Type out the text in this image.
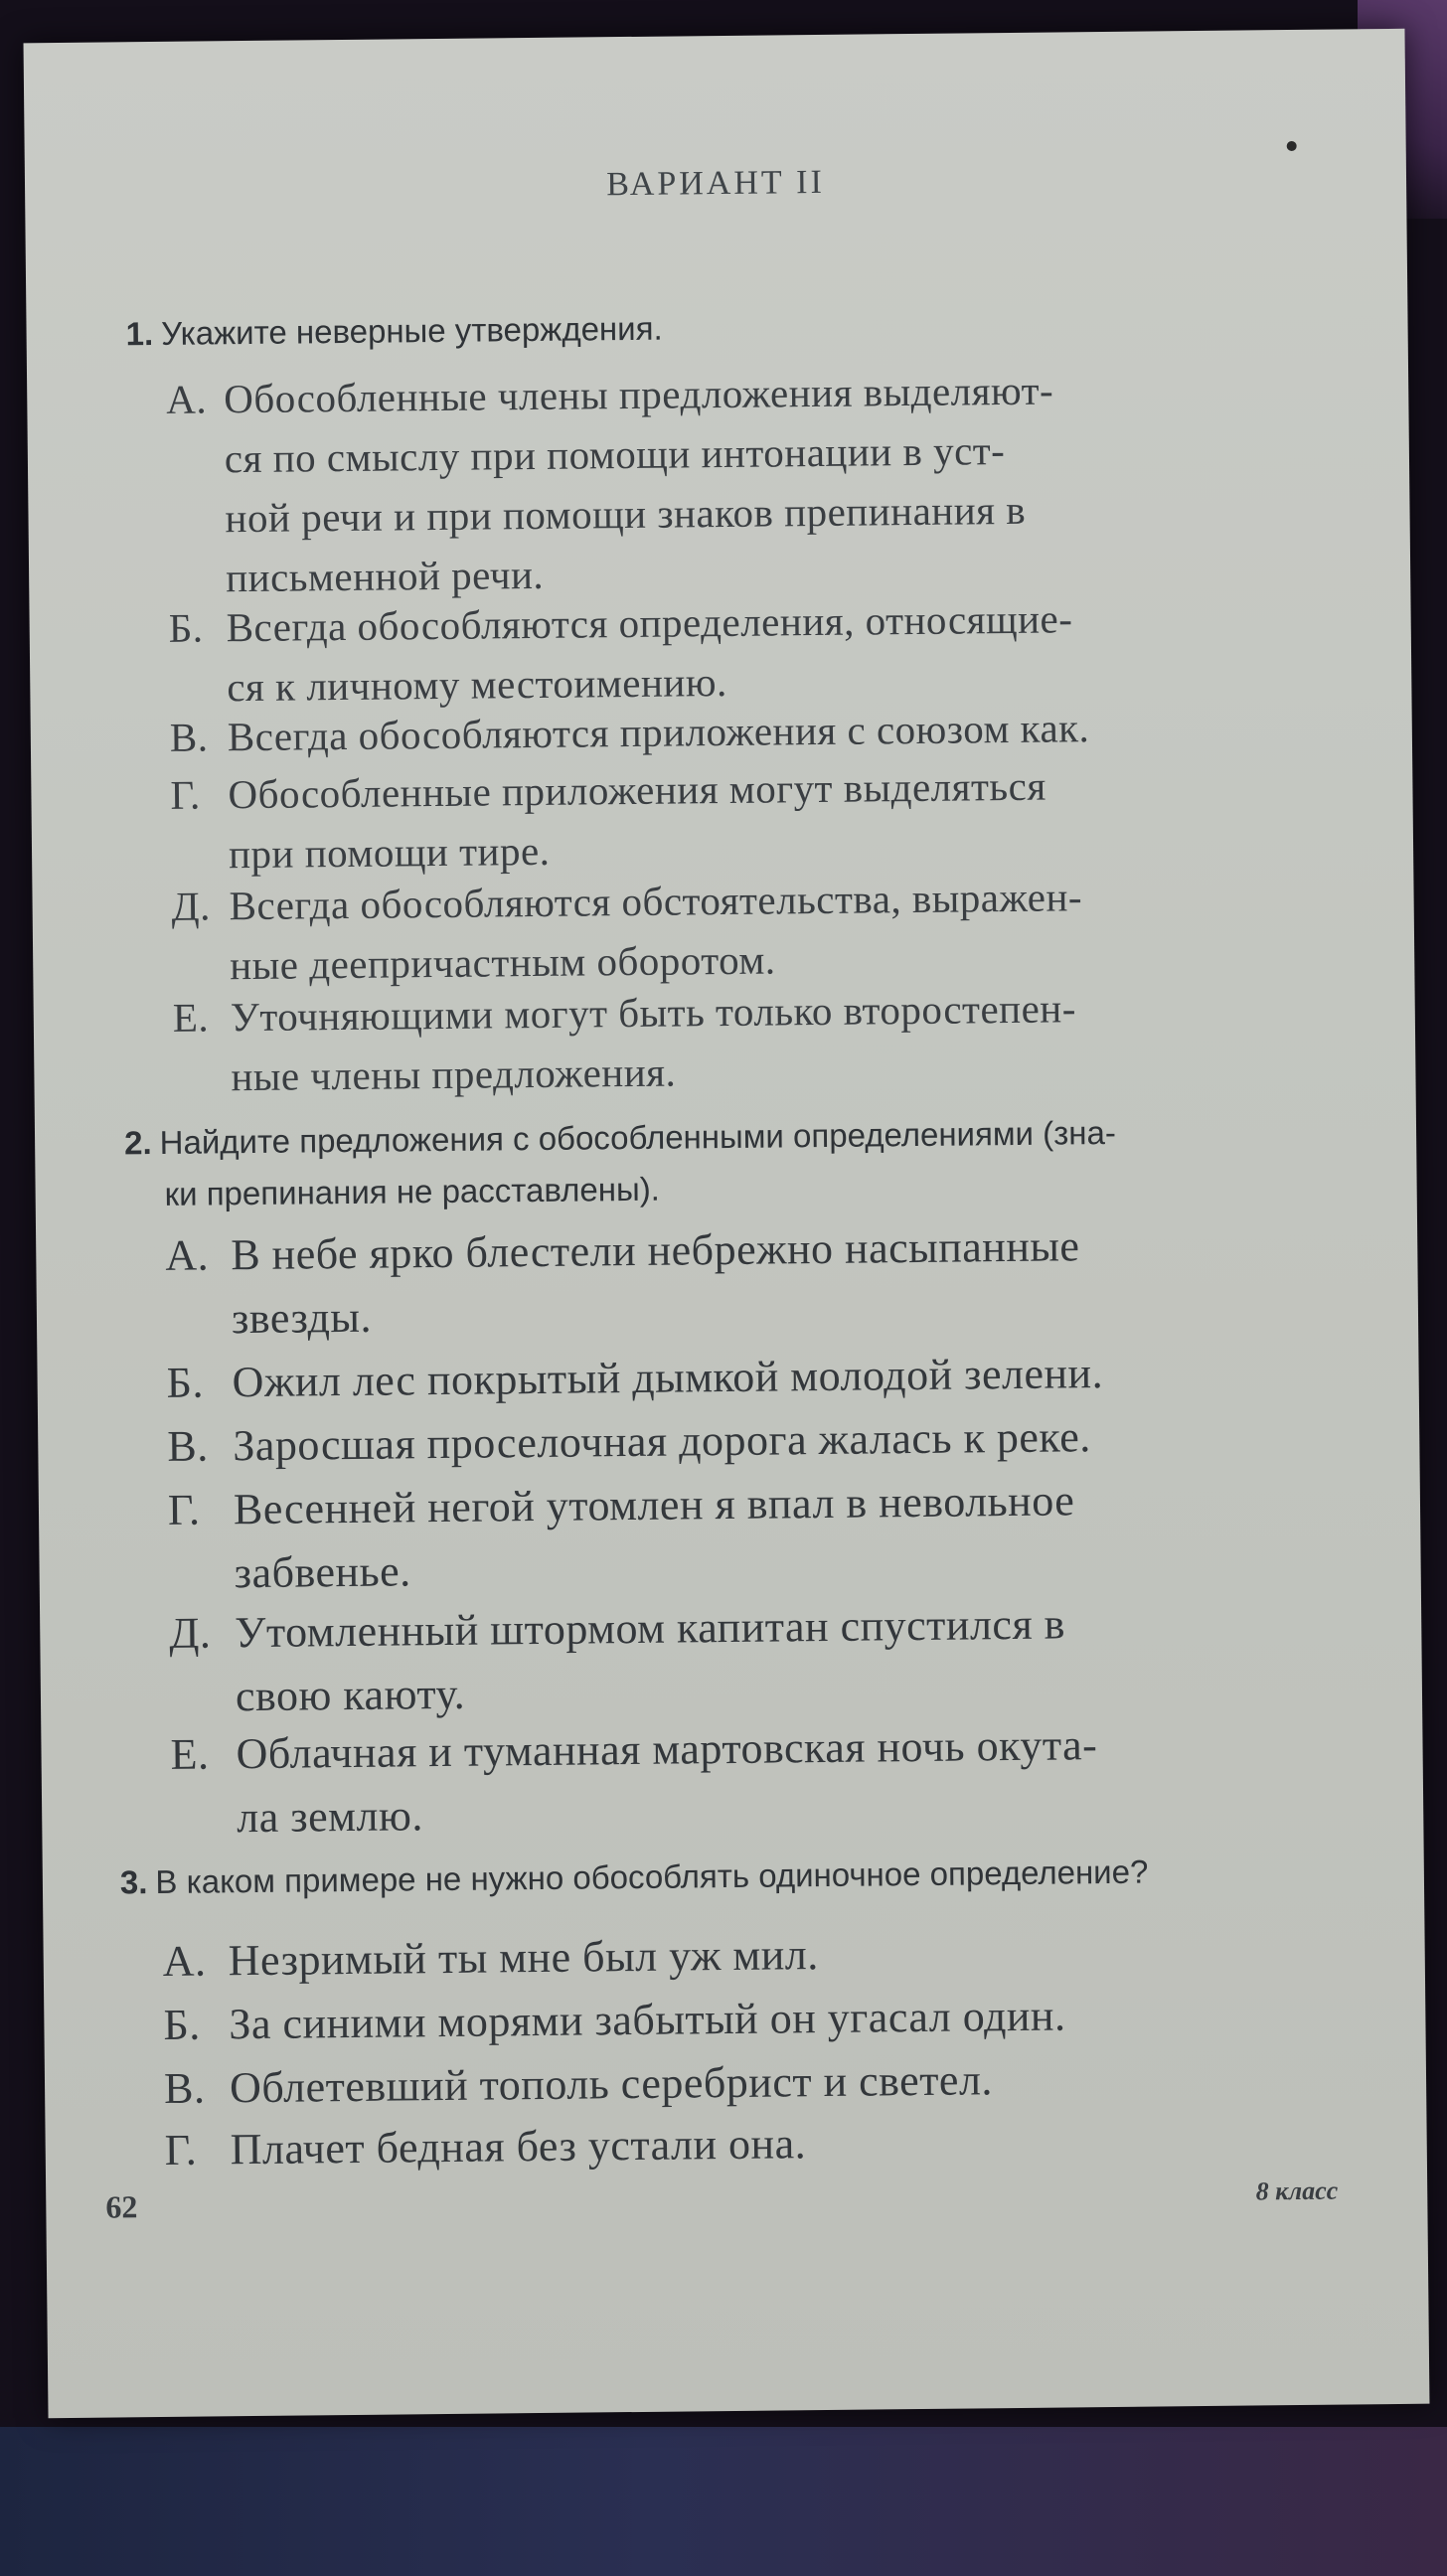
ВАРИАНТ II
1. Укажите неверные утверждения.
А. Обособленные члены предложения выделяют-
ся по смыслу при помощи интонации в уст-
ной речи и при помощи знаков препинания в
письменной речи.
Б. Всегда обособляются определения, относящие-
ся к личному местоимению.
В. Всегда обособляются приложения с союзом как.
Г. Обособленные приложения могут выделяться
при помощи тире.
Д. Всегда обособляются обстоятельства, выражен-
ные деепричастным оборотом.
Е. Уточняющими могут быть только второстепен-
ные члены предложения.
2. Найдите предложения с обособленными определениями (зна-
ки препинания не расставлены).
А. В небе ярко блестели небрежно насыпанные
звезды.
Б. Ожил лес покрытый дымкой молодой зелени.
В. Заросшая проселочная дорога жалась к реке.
Г. Весенней негой утомлен я впал в невольное
забвенье.
Д. Утомленный штормом капитан спустился в
свою каюту.
Е. Облачная и туманная мартовская ночь окута-
ла землю.
3. В каком примере не нужно обособлять одиночное определение?
А. Незримый ты мне был уж мил.
Б. За синими морями забытый он угасал один.
В. Облетевший тополь серебрист и светел.
Г. Плачет бедная без устали она.
62	8 класс
